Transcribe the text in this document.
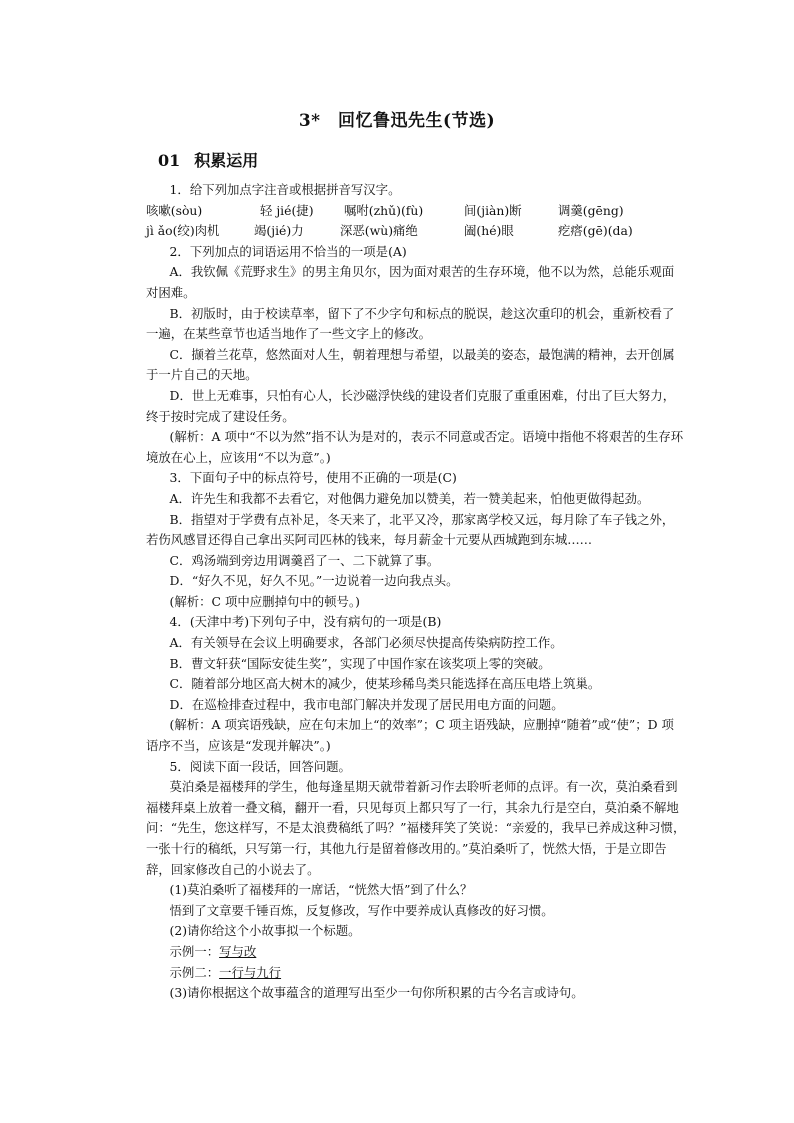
3*　回忆鲁迅先生(节选)
01 积累运用

1．给下列加点字注音或根据拼音写汉字。

咳嗽(sòu)	轻 jié(捷)	嘱咐(zhǔ)(fù)	间(jiàn)断	调羹(gēng)
jì ǎo(绞)肉机	竭(jié)力	深恶(wù)痛绝	阖(hé)眼	疙瘩(gē)(da)

2．下列加点的词语运用不恰当的一项是(A)

A．我钦佩《荒野求生》的男主角贝尔，因为面对艰苦的生存环境，他不以为然，总能乐观面对困难。

B．初版时，由于校读草率，留下了不少字句和标点的脱误，趁这次重印的机会，重新校看了一遍，在某些章节也适当地作了一些文字上的修改。

C．撷着兰花草，悠然面对人生，朝着理想与希望，以最美的姿态，最饱满的精神，去开创属于一片自己的天地。

D．世上无难事，只怕有心人，长沙磁浮快线的建设者们克服了重重困难，付出了巨大努力，终于按时完成了建设任务。

(解析：A 项中“不以为然”指不认为是对的，表示不同意或否定。语境中指他不将艰苦的生存环境放在心上，应该用“不以为意”。)

3．下面句子中的标点符号，使用不正确的一项是(C)

A．许先生和我都不去看它，对他偶力避免加以赞美，若一赞美起来，怕他更做得起劲。

B．指望对于学费有点补足，冬天来了，北平又冷，那家离学校又远，每月除了车子钱之外，若伤风感冒还得自己拿出买阿司匹林的钱来，每月薪金十元要从西城跑到东城……

C．鸡汤端到旁边用调羹舀了一、二下就算了事。

D．“好久不见，好久不见。”一边说着一边向我点头。

(解析：C 项中应删掉句中的顿号。)

4．(天津中考)下列句子中，没有病句的一项是(B)

A．有关领导在会议上明确要求，各部门必须尽快提高传染病防控工作。

B．曹文轩获“国际安徒生奖”，实现了中国作家在该奖项上零的突破。

C．随着部分地区高大树木的减少，使某珍稀鸟类只能选择在高压电塔上筑巢。

D．在巡检排查过程中，我市电部门解决并发现了居民用电方面的问题。

(解析：A 项宾语残缺，应在句末加上“的效率”；C 项主语残缺，应删掉“随着”或“使”；D 项语序不当，应该是“发现并解决”。)

5．阅读下面一段话，回答问题。

莫泊桑是福楼拜的学生，他每逢星期天就带着新习作去聆听老师的点评。有一次，莫泊桑看到福楼拜桌上放着一叠文稿，翻开一看，只见每页上都只写了一行，其余九行是空白，莫泊桑不解地问：“先生，您这样写，不是太浪费稿纸了吗？”福楼拜笑了笑说：“亲爱的，我早已养成这种习惯，一张十行的稿纸，只写第一行，其他九行是留着修改用的。”莫泊桑听了，恍然大悟，于是立即告辞，回家修改自己的小说去了。

(1)莫泊桑听了福楼拜的一席话，“恍然大悟”到了什么？

悟到了文章要千锤百炼，反复修改，写作中要养成认真修改的好习惯。

(2)请你给这个小故事拟一个标题。

示例一：写与改

示例二：一行与九行

(3)请你根据这个故事蕴含的道理写出至少一句你所积累的古今名言或诗句。
